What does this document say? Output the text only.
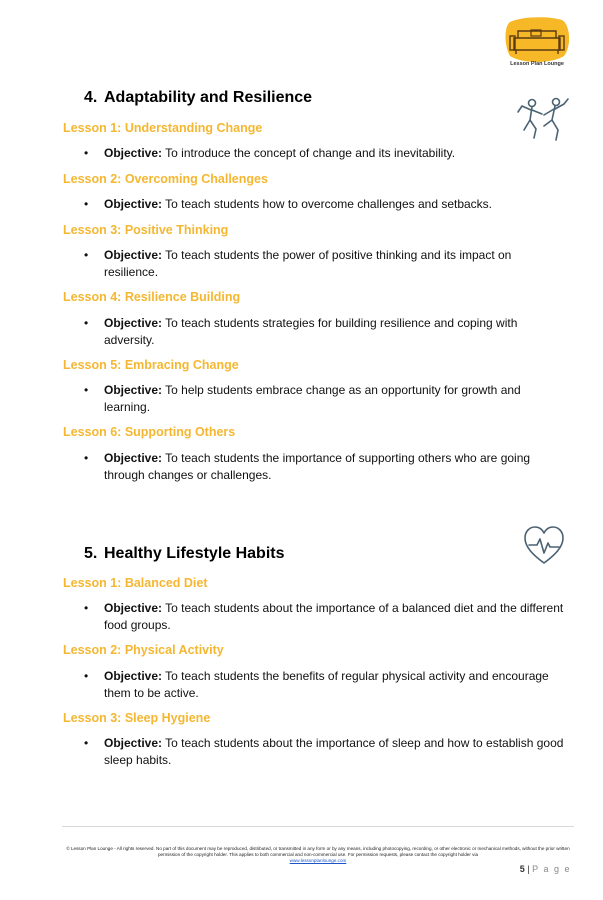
Lesson Plan Lounge
4. Adaptability and Resilience
Lesson 1: Understanding Change
• Objective: To introduce the concept of change and its inevitability.
Lesson 2: Overcoming Challenges
• Objective: To teach students how to overcome challenges and setbacks.
Lesson 3: Positive Thinking
• Objective: To teach students the power of positive thinking and its impact on resilience.
Lesson 4: Resilience Building
• Objective: To teach students strategies for building resilience and coping with adversity.
Lesson 5: Embracing Change
• Objective: To help students embrace change as an opportunity for growth and learning.
Lesson 6: Supporting Others
• Objective: To teach students the importance of supporting others who are going through changes or challenges.
5. Healthy Lifestyle Habits
Lesson 1: Balanced Diet
• Objective: To teach students about the importance of a balanced diet and the different food groups.
Lesson 2: Physical Activity
• Objective: To teach students the benefits of regular physical activity and encourage them to be active.
Lesson 3: Sleep Hygiene
• Objective: To teach students about the importance of sleep and how to establish good sleep habits.
© Lesson Plan Lounge - All rights reserved. No part of this document may be reproduced, distributed, or transmitted in any form or by any means, including photocopying, recording, or other electronic or mechanical methods, without the prior written permission of the copyright holder. This applies to both commercial and non-commercial use. For permission requests, please contact the copyright holder via
www.lessonplanlounge.com
5 | P a g e
